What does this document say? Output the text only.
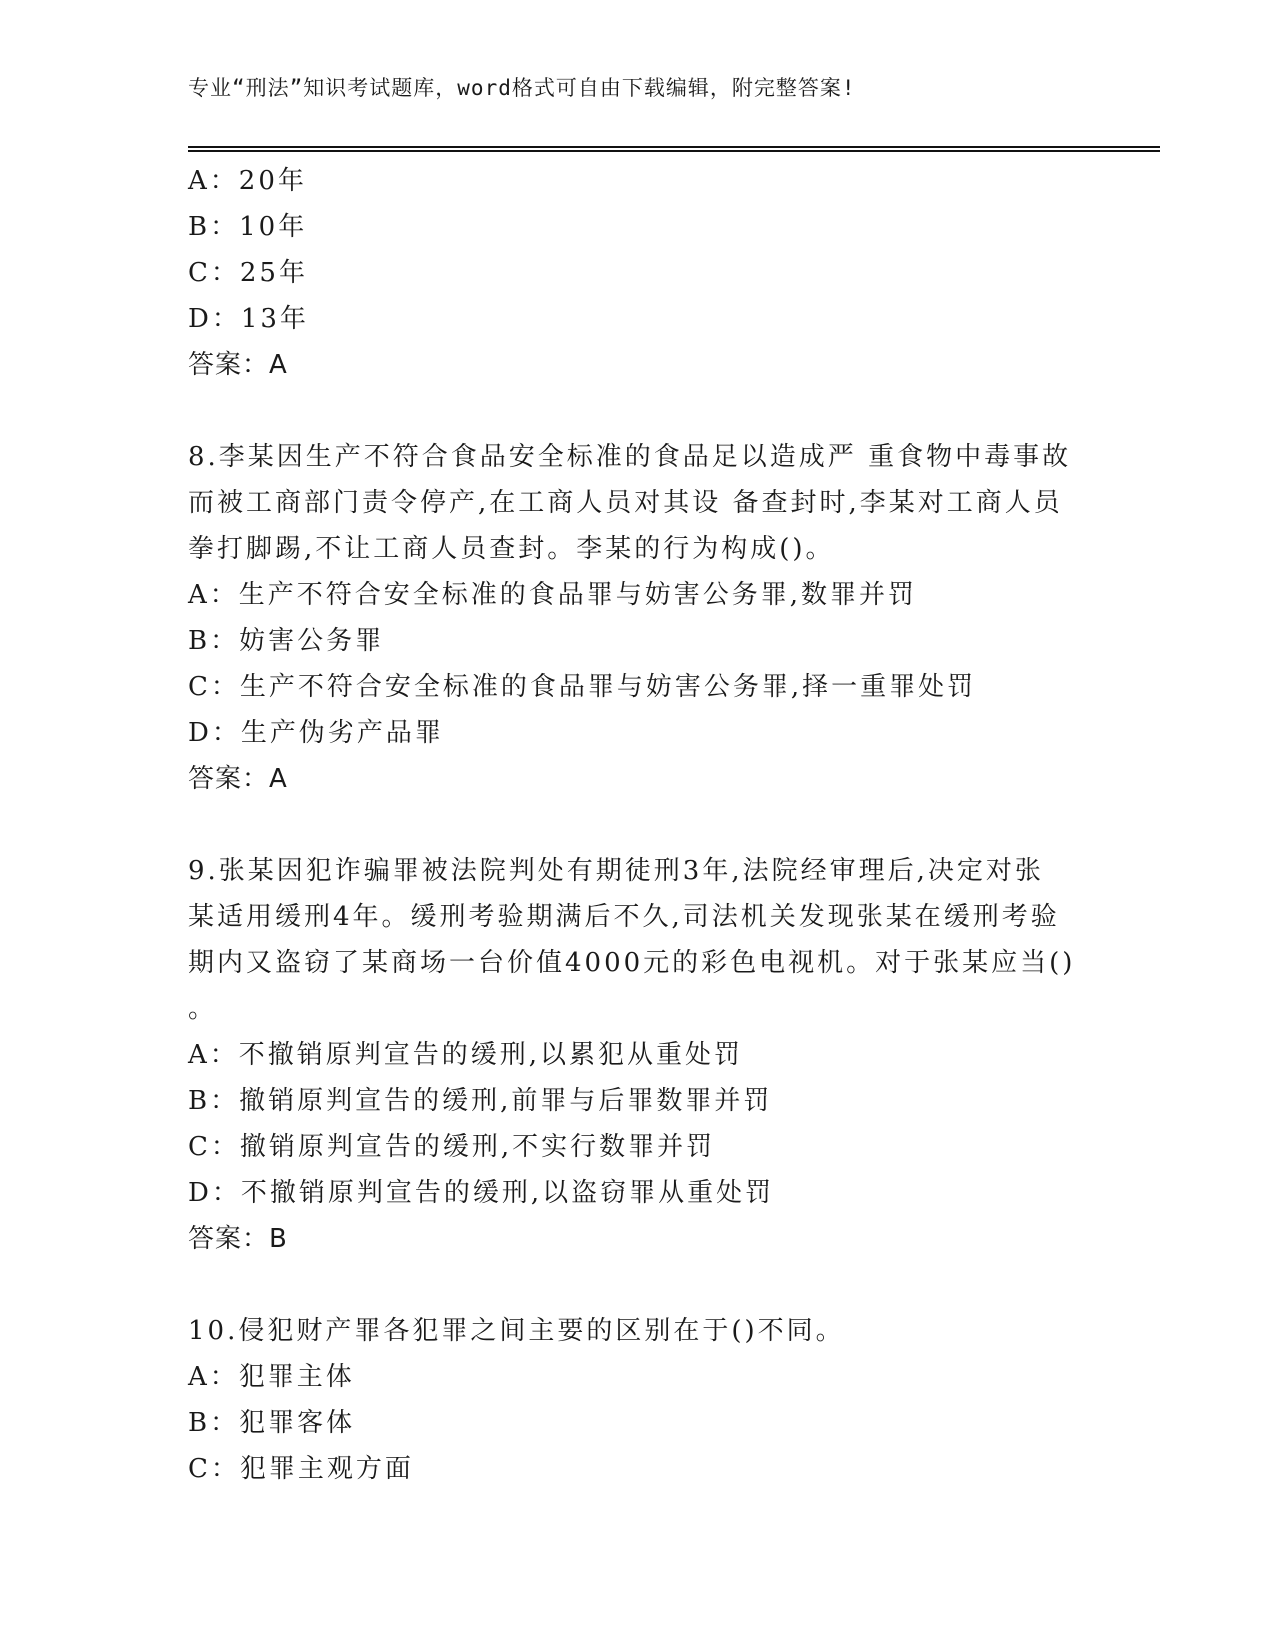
专业“刑法”知识考试题库，word格式可自由下载编辑，附完整答案!
A：20年
B：10年
C：25年
D：13年
答案：A
8.李某因生产不符合食品安全标准的食品足以造成严 重食物中毒事故
而被工商部门责令停产,在工商人员对其设 备查封时,李某对工商人员
拳打脚踢,不让工商人员查封。李某的行为构成()。
A：生产不符合安全标准的食品罪与妨害公务罪,数罪并罚
B：妨害公务罪
C：生产不符合安全标准的食品罪与妨害公务罪,择一重罪处罚
D：生产伪劣产品罪
答案：A
9.张某因犯诈骗罪被法院判处有期徒刑3年,法院经审理后,决定对张
某适用缓刑4年。缓刑考验期满后不久,司法机关发现张某在缓刑考验
期内又盗窃了某商场一台价值4000元的彩色电视机。对于张某应当()
。
A：不撤销原判宣告的缓刑,以累犯从重处罚
B：撤销原判宣告的缓刑,前罪与后罪数罪并罚
C：撤销原判宣告的缓刑,不实行数罪并罚
D：不撤销原判宣告的缓刑,以盗窃罪从重处罚
答案：B
10.侵犯财产罪各犯罪之间主要的区别在于()不同。
A：犯罪主体
B：犯罪客体
C：犯罪主观方面
